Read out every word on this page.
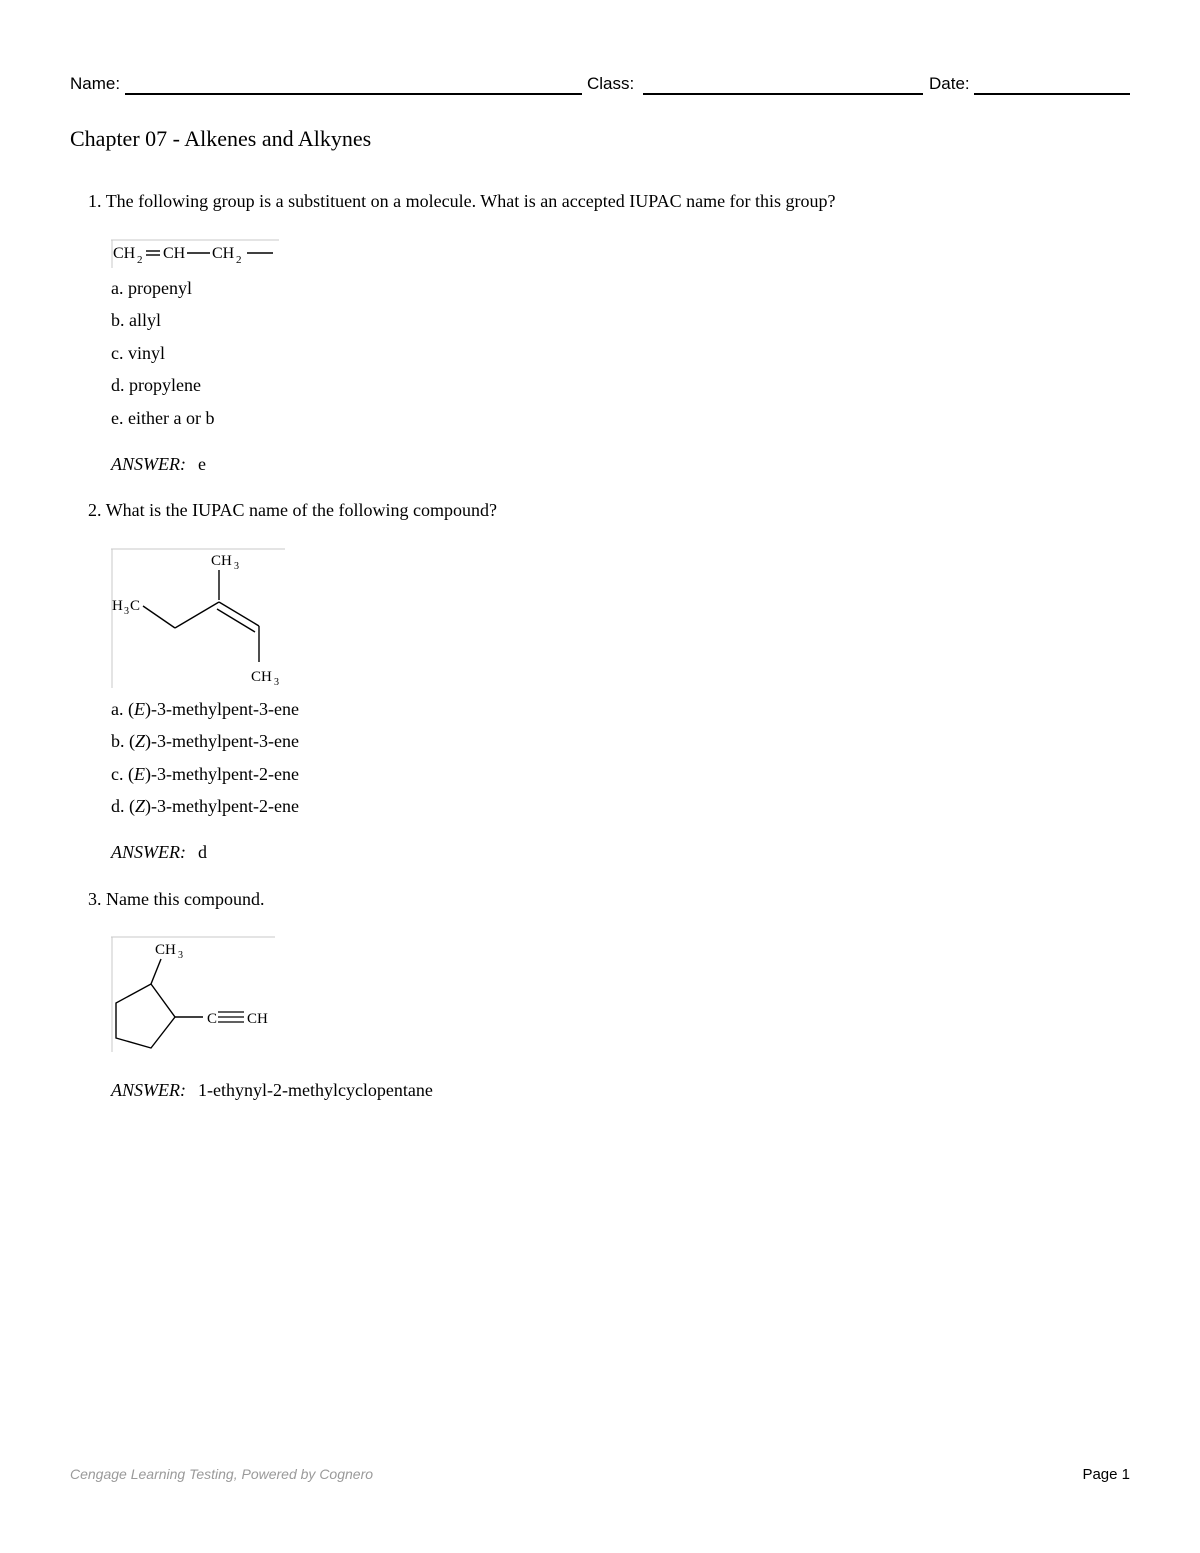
Name:	Class:	Date:
Chapter 07 - Alkenes and Alkynes
1. The following group is a substituent on a molecule. What is an accepted IUPAC name for this group?
CH 2 CH CH 2
a. propenyl
b. allyl
c. vinyl
d. propylene
e. either a or b
ANSWER: e
2. What is the IUPAC name of the following compound?
CH 3
H 3 C
CH 3
a. (E)-3-methylpent-3-ene
b. (Z)-3-methylpent-3-ene
c. (E)-3-methylpent-2-ene
d. (Z)-3-methylpent-2-ene
ANSWER: d
3. Name this compound.
CH 3
C CH
ANSWER: 1-ethynyl-2-methylcyclopentane
Cengage Learning Testing, Powered by Cognero	Page 1
